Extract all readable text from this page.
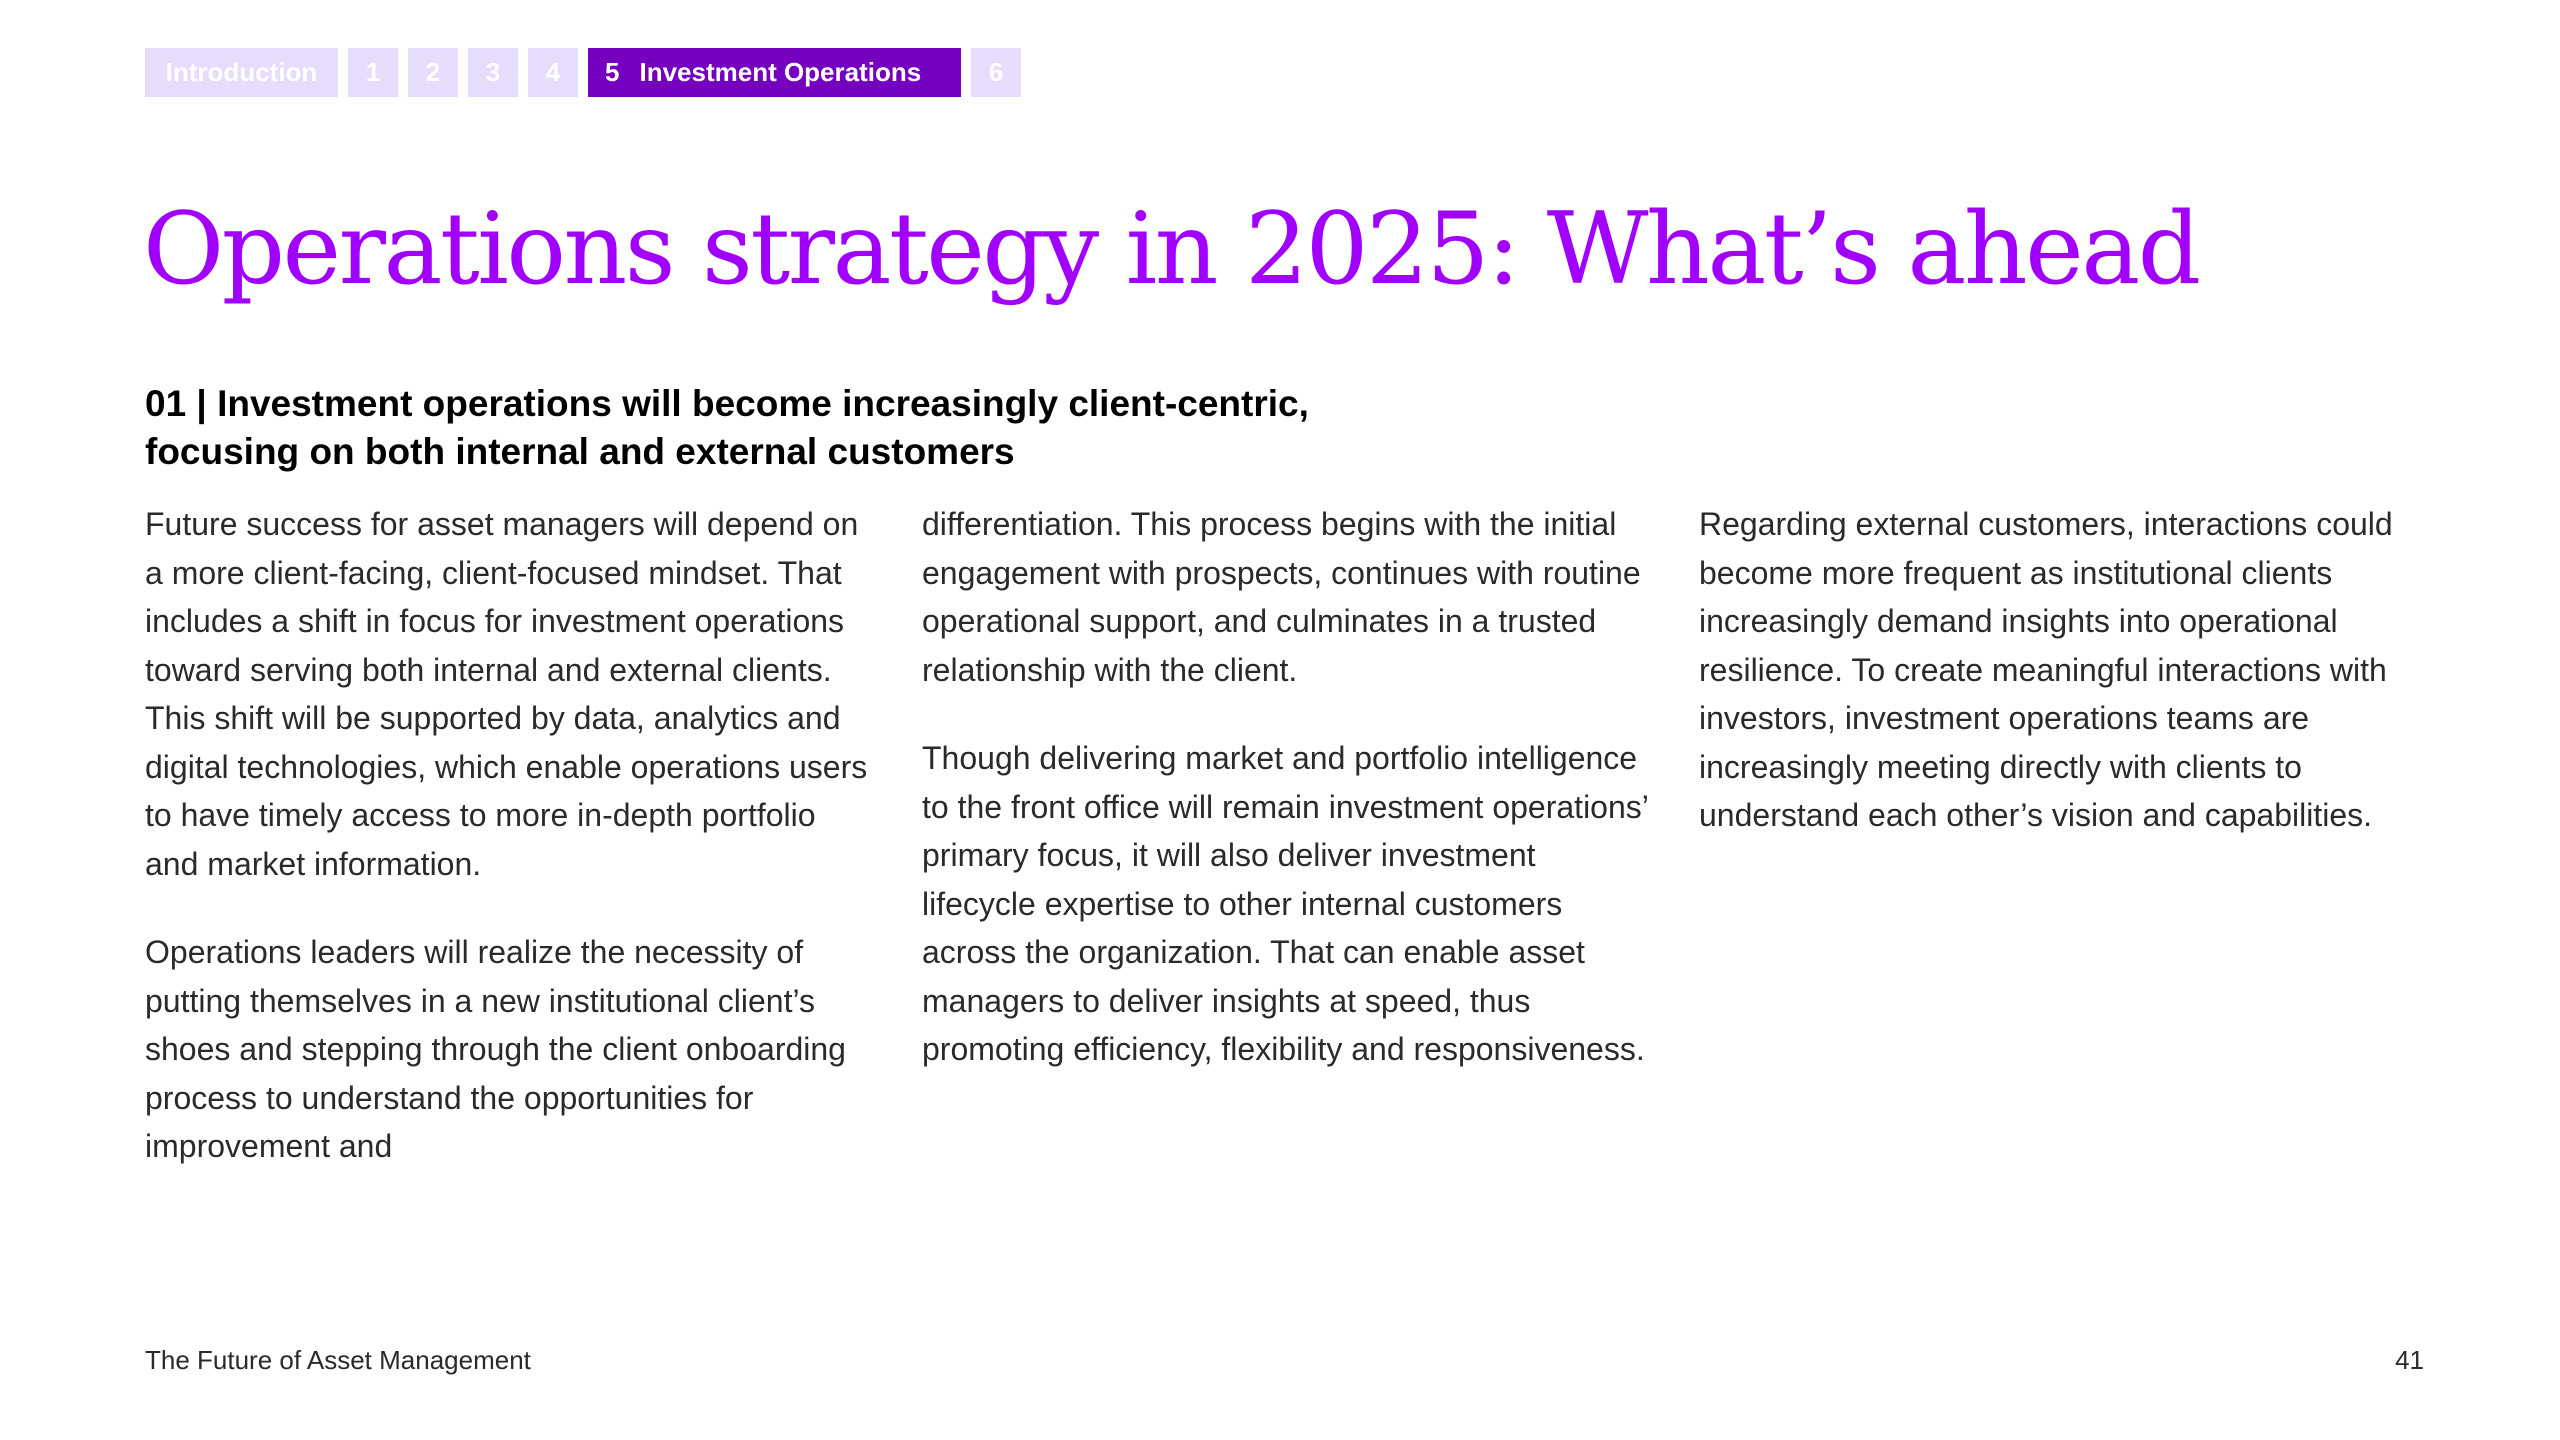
Introduction	1	2	3	4	5 Investment Operations	6
Operations strategy in 2025: What’s ahead
01 | Investment operations will become increasingly client-centric,
focusing on both internal and external customers

Future success for asset managers will depend on a more client-facing, client-focused mindset. That includes a shift in focus for investment operations toward serving both internal and external clients. This shift will be supported by data, analytics and digital technologies, which enable operations users to have timely access to more in-depth portfolio and market information.

Operations leaders will realize the necessity of putting themselves in a new institutional client’s shoes and stepping through the client onboarding process to understand the opportunities for improvement and

differentiation. This process begins with the initial engagement with prospects, continues with routine operational support, and culminates in a trusted relationship with the client.

Though delivering market and portfolio intelligence to the front office will remain investment operations’ primary focus, it will also deliver investment lifecycle expertise to other internal customers across the organization. That can enable asset managers to deliver insights at speed, thus promoting efficiency, flexibility and responsiveness.

Regarding external customers, interactions could become more frequent as institutional clients increasingly demand insights into operational resilience. To create meaningful interactions with investors, investment operations teams are increasingly meeting directly with clients to understand each other’s vision and capabilities.

The Future of Asset Management	41
